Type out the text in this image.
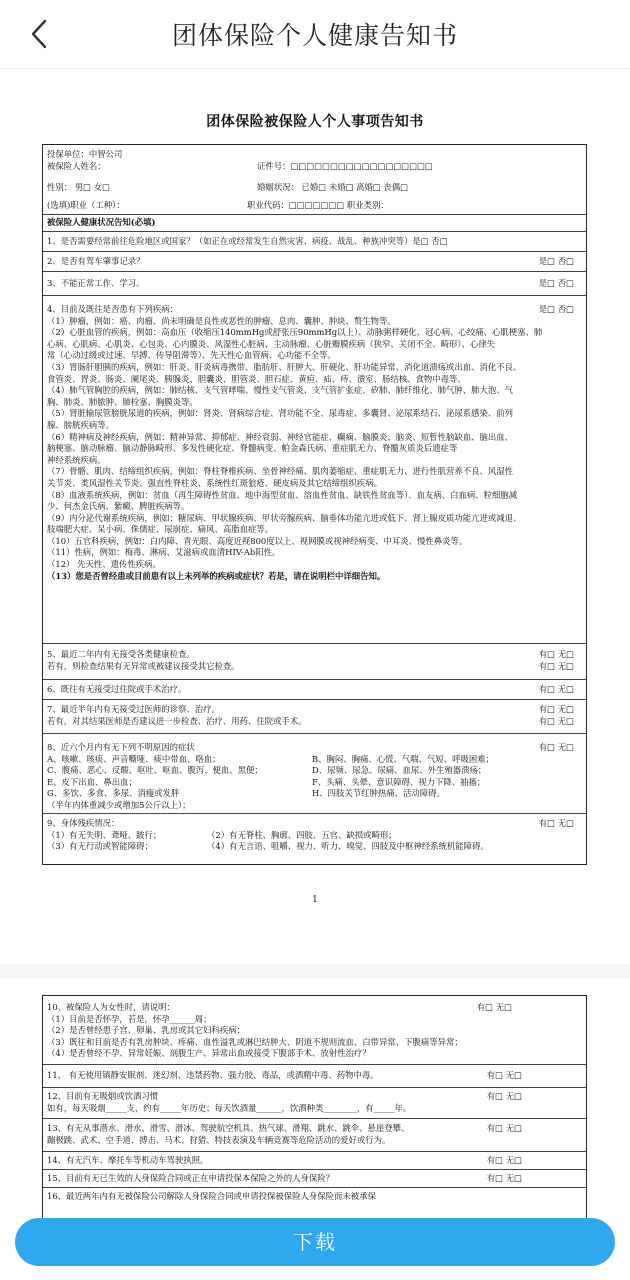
团体保险个人健康告知书
团体保险被保险人个人事项告知书
投保单位：中智公司
被保险人姓名：	证件号：□□□□□□□□□□□□□□□□□□
性别： 男□ 女□	婚姻状况： 已婚□ 未婚□ 离婚□ 丧偶□
(选填)职业（工种）：	职业代码：□□□□□□□ 职业类别：
被保险人健康状况告知(必填)
1、是否需要经常前往危险地区或国家？（如正在或经常发生自然灾害、病疫、战乱、种族冲突等）是□ 否□
2、是否有驾车肇事记录？	是□ 否□
3、不能正常工作、学习。	是□ 否□
4、目前及既往是否患有下列疾病：	是□ 否□
（1）肿瘤，例如：癌、肉瘤、尚未明确是良性或恶性的肿瘤、息肉、囊肿、肿块、赘生物等。
（2）心脏血管的疾病，例如：高血压（收缩压140mmHg或舒张压90mmHg以上）、动脉粥样硬化、冠心病、心绞痛、心肌梗塞、肺
心病、心肌病、心肌炎、心包炎、心内膜炎、风湿性心脏病、主动脉瘤、心脏瓣膜疾病（狭窄、关闭不全、畸形）、心律失
常（心动过缓或过速、早搏、传导阻滞等）、先天性心血管病、心功能不全等。
（3）胃肠肝胆胰的疾病，例如：肝炎、肝炎病毒携带、脂肪肝、肝肿大、肝硬化、肝功能异常、消化道溃疡或出血、消化不良、
食管炎、胃炎、肠炎、阑尾炎、胰腺炎、胆囊炎、胆管炎、胆石症、黄疸、疝、痔、溃室、肠结核、食物中毒等。
（4）肺气管胸腔的疾病，例如：肺结核、支气管哮喘、慢性支气管炎、支气管扩张症、矽肺、肺纤维化、肺气肿、肺大泡、气
胸、肺炎、肺脓肿、肺栓塞、胸膜炎等。
（5）肾脏输尿管膀胱尿道的疾病，例如：肾炎、肾病综合症、肾功能不全、尿毒症、多囊肾、泌尿系结石、泌尿系感染、前列
腺、膀胱疾病等。
（6）精神病及神经疾病，例如：精神异常、抑郁症、神经衰弱、神经官能症、癫痫、脑膜炎、脑炎、短暂性脑缺血、脑出血、
脑梗塞、脑动脉瘤、脑动静脉畸形、多发性硬化症、脊髓病变、帕金森氏病、重症肌无力、脊髓灰质炎后遗症等
神经系统疾病。
（7）骨骼、肌肉、结缔组织疾病，例如：脊柱脊椎疾病、坐骨神经痛、肌肉萎缩症、重症肌无力、进行性肌营养不良、风湿性
关节炎、类风湿性关节炎、强直性脊柱炎、系统性红斑狼疮、硬皮病及其它结缔组织疾病。
（8）血液系统疾病，例如：贫血（再生障碍性贫血、地中海型贫血、溶血性贫血、缺铁性贫血等）、血友病、白血病、粒细胞减
少、何杰金氏病、紫癜、脾脏疾病等。
（9）内分泌代谢系统疾病，例如：糖尿病、甲状腺疾病、甲状旁腺疾病、脑垂体功能亢进或低下、肾上腺皮质功能亢进或减退、
肢端肥大症、呆小病、侏儒症、尿崩症、痛风、高脂血症等。
（10）五官科疾病，例如：白内障、青光眼、高度近视800度以上、视网膜或视神经病变、中耳炎、慢性鼻炎等。
（11）性病，例如：梅毒、淋病、艾滋病或血清HIV-Ab阳性。
（12） 先天性、遗传性疾病。
（13）您是否曾经患或目前患有以上未列举的疾病或症状？若是，请在说明栏中详细告知。
5、最近二年内有无接受各类健康检查。	有□ 无□
若有，则检查结果有无异常或被建议接受其它检查。	有□ 无□
6、既往有无接受过住院或手术治疗。	有□ 无□
7、最近半年内有无接受过医师的诊察、治疗。	有□ 无□
若有，对其结果医师是否建议进一步检查、治疗、用药、住院或手术。	有□ 无□
8、近六个月内有无下列不明原因的症状	有□ 无□
A、咳嗽、咳痰、声音嘶哑、痰中带血、咯血；	B、胸闷、胸痛、心慌、气喘、气短、呼吸困难；
C、腹痛、恶心、反酸、呕吐、呕血、腹泻、便血、黑便；	D、尿频、尿急、尿痛、血尿、外生殖器溃疡；
E、皮下出血、鼻出血；	F、头痛、头晕、意识障碍、视力下降、抽搐；
G、多饮、多食、多尿、消瘦或发胖	H、四肢关节红肿热痛、活动障碍。
（半年内体重减少或增加5公斤以上）；
9、身体残疾情况：	有□ 无□
（1）有无失明、聋哑、跛行；	（2）有无脊柱、胸廓、四肢、五官、缺损或畸形；
（3）有无行动或智能障碍；	（4）有无言语、咀嚼、视力、听力、嗅觉、四肢及中枢神经系统机能障碍。
1
10、被保险人为女性时，请说明：	有□ 无□
（1）目前是否怀孕，若是，怀孕______周；
（2）是否曾经患子宫、卵巢、乳房或其它妇科疾病；
（3）既往和目前是否有乳房肿块、疼痛、血性溢乳或淋巴结肿大、阴道不规则流血、白带异常、下腹痛等异常；
（4）是否曾经不孕、异常妊娠、剖腹生产、异常出血或接受下腹部手术、放射性治疗？
11、 有无使用镇静安眠剂、迷幻剂、违禁药物、强力胶、毒品，或酒精中毒、药物中毒。	有□ 无□
12、目前有无吸烟或饮酒习惯	有□ 无□
如有，每天吸烟_____支，约有_____年历史；每天饮酒量______，饮酒种类________，有_____年。
13、有无从事潜水、滑水、滑雪、滑冰、驾驶航空机具、热气球、滑翔、跳水、跳伞、悬崖登攀、	有□ 无□
蹦极跳、武术、空手道、搏击、马术、狩猎、特技表演及车辆竞赛等危险活动的爱好或行为。
14、有无汽车、摩托车等机动车驾驶执照。	有□ 无□
15、目前有无已生效的人身保险合同或正在申请投保本保险之外的人身保险？	有□ 无□
16、最近两年内有无被保险公司解除人身保险合同或申请投保被保险人身保险而未被承保
下载
